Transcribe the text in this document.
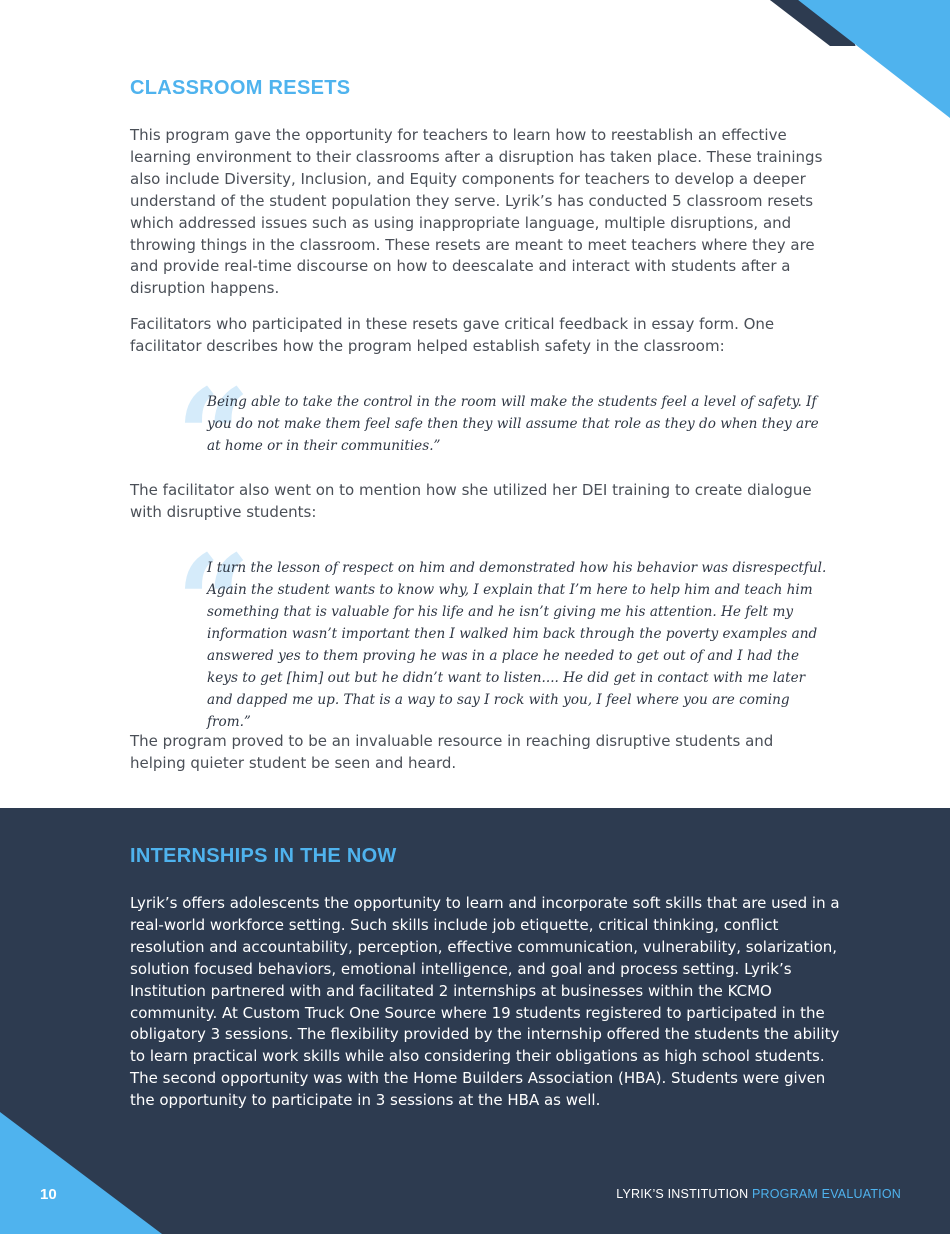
CLASSROOM RESETS

This program gave the opportunity for teachers to learn how to reestablish an effective learning environment to their classrooms after a disruption has taken place. These trainings also include Diversity, Inclusion, and Equity components for teachers to develop a deeper understand of the student population they serve. Lyrik’s has conducted 5 classroom resets which addressed issues such as using inappropriate language, multiple disruptions, and throwing things in the classroom. These resets are meant to meet teachers where they are and provide real-time discourse on how to deescalate and interact with students after a disruption happens.

Facilitators who participated in these resets gave critical feedback in essay form. One facilitator describes how the program helped establish safety in the classroom:

“

Being able to take the control in the room will make the students feel a level of safety. If you do not make them feel safe then they will assume that role as they do when they are at home or in their communities.”

The facilitator also went on to mention how she utilized her DEI training to create dialogue with disruptive students:

“

I turn the lesson of respect on him and demonstrated how his behavior was disrespectful. Again the student wants to know why, I explain that I’m here to help him and teach him something that is valuable for his life and he isn’t giving me his attention. He felt my information wasn’t important then I walked him back through the poverty examples and answered yes to them proving he was in a place he needed to get out of and I had the keys to get [him] out but he didn’t want to listen.... He did get in contact with me later and dapped me up. That is a way to say I rock with you, I feel where you are coming from.”

The program proved to be an invaluable resource in reaching disruptive students and helping quieter student be seen and heard.

INTERNSHIPS IN THE NOW

Lyrik’s offers adolescents the opportunity to learn and incorporate soft skills that are used in a real-world workforce setting. Such skills include job etiquette, critical thinking, conflict resolution and accountability, perception, effective communication, vulnerability, solarization, solution focused behaviors, emotional intelligence, and goal and process setting. Lyrik’s Institution partnered with and facilitated 2 internships at businesses within the KCMO community. At Custom Truck One Source where 19 students registered to participated in the obligatory 3 sessions. The flexibility provided by the internship offered the students the ability to learn practical work skills while also considering their obligations as high school students. The second opportunity was with the Home Builders Association (HBA). Students were given the opportunity to participate in 3 sessions at the HBA as well.

10	LYRIK’S INSTITUTION PROGRAM EVALUATION
